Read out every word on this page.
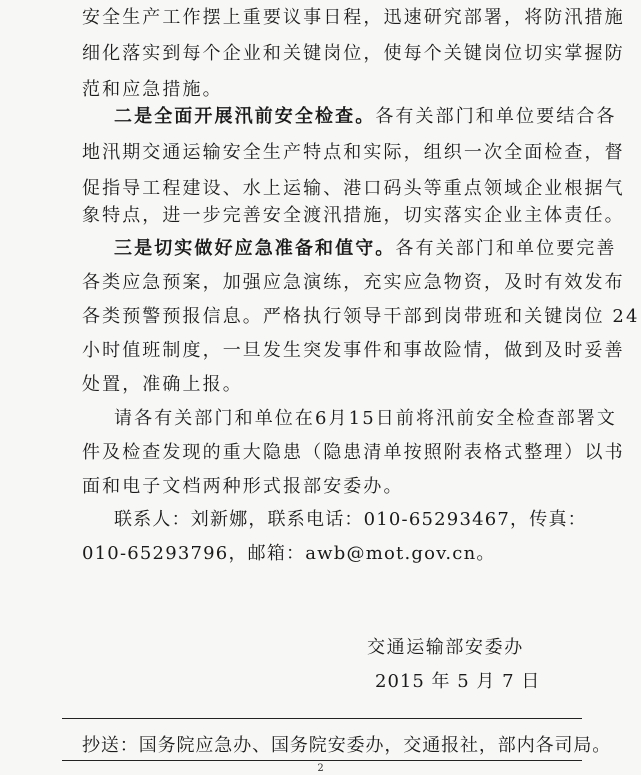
安全生产工作摆上重要议事日程，迅速研究部署，将防汛措施
细化落实到每个企业和关键岗位，使每个关键岗位切实掌握防
范和应急措施。
二是全面开展汛前安全检查。各有关部门和单位要结合各
地汛期交通运输安全生产特点和实际，组织一次全面检查，督
促指导工程建设、水上运输、港口码头等重点领域企业根据气
象特点，进一步完善安全渡汛措施，切实落实企业主体责任。
三是切实做好应急准备和值守。各有关部门和单位要完善
各类应急预案，加强应急演练，充实应急物资，及时有效发布
各类预警预报信息。严格执行领导干部到岗带班和关键岗位 24
小时值班制度，一旦发生突发事件和事故险情，做到及时妥善
处置，准确上报。
请各有关部门和单位在6月15日前将汛前安全检查部署文
件及检查发现的重大隐患（隐患清单按照附表格式整理）以书
面和电子文档两种形式报部安委办。
联系人：刘新娜，联系电话：010-65293467，传真：
010-65293796，邮箱：awb@mot.gov.cn。
交通运输部安委办
2015 年 5 月 7 日
抄送：国务院应急办、国务院安委办，交通报社，部内各司局。
2
